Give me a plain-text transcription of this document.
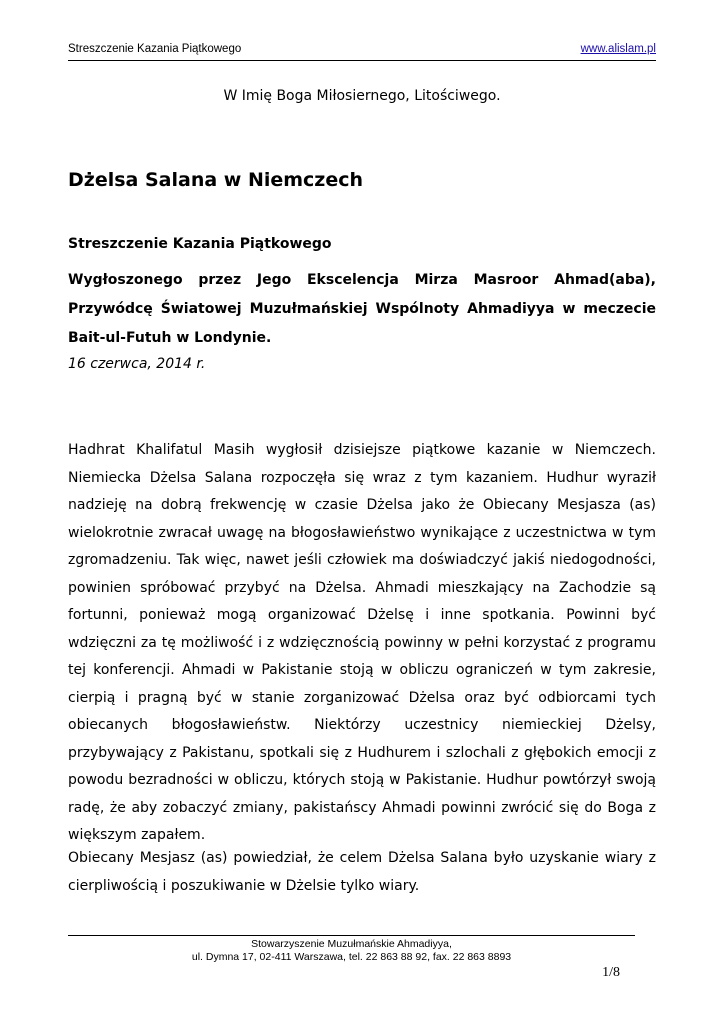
Streszczenie Kazania Piątkowego	www.alislam.pl
W Imię Boga Miłosiernego, Litościwego.
Dżelsa Salana w Niemczech
Streszczenie Kazania Piątkowego
Wygłoszonego przez Jego Ekscelencja Mirza Masroor Ahmad(aba), Przywódcę Światowej Muzułmańskiej Wspólnoty Ahmadiyya w meczecie Bait-ul-Futuh w Londynie.
16 czerwca, 2014 r.

Hadhrat Khalifatul Masih wygłosił dzisiejsze piątkowe kazanie w Niemczech. Niemiecka Dżelsa Salana rozpoczęła się wraz z tym kazaniem. Hudhur wyraził nadzieję na dobrą frekwencję w czasie Dżelsa jako że Obiecany Mesjasza (as) wielokrotnie zwracał uwagę na błogosławieństwo wynikające z uczestnictwa w tym zgromadzeniu. Tak więc, nawet jeśli człowiek ma doświadczyć jakiś niedogodności, powinien spróbować przybyć na Dżelsa. Ahmadi mieszkający na Zachodzie są fortunni, ponieważ mogą organizować Dżelsę i inne spotkania. Powinni być wdzięczni za tę możliwość i z wdzięcznością powinny w pełni korzystać z programu tej konferencji. Ahmadi w Pakistanie stoją w obliczu ograniczeń w tym zakresie, cierpią i pragną być w stanie zorganizować Dżelsa oraz być odbiorcami tych obiecanych błogosławieństw. Niektórzy uczestnicy niemieckiej Dżelsy, przybywający z Pakistanu, spotkali się z Hudhurem i szlochali z głębokich emocji z powodu bezradności w obliczu, których stoją w Pakistanie. Hudhur powtórzył swoją radę, że aby zobaczyć zmiany, pakistańscy Ahmadi powinni zwrócić się do Boga z większym zapałem.

Obiecany Mesjasz (as) powiedział, że celem Dżelsa Salana było uzyskanie wiary z cierpliwością i poszukiwanie w Dżelsie tylko wiary.

Stowarzyszenie Muzułmańskie Ahmadiyya,
ul. Dymna 17, 02-411 Warszawa, tel. 22 863 88 92, fax. 22 863 8893
1/8
